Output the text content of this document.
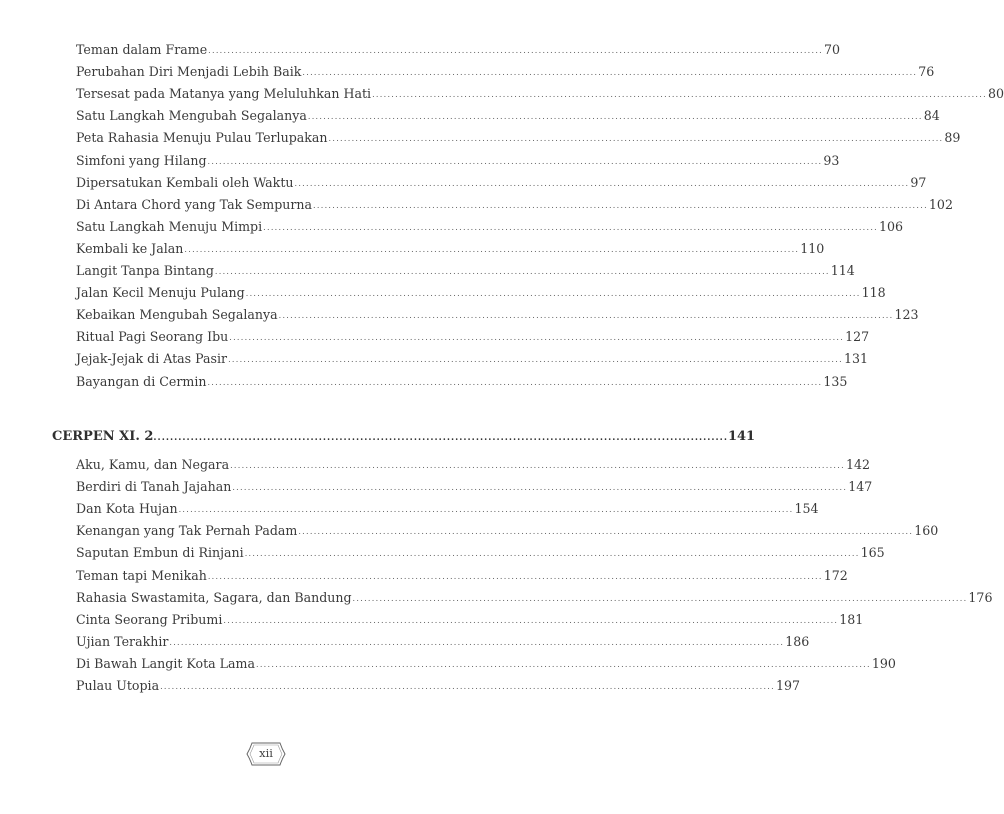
Teman dalam Frame ................................................................................................................................................................ 70
Perubahan Diri Menjadi Lebih Baik ................................................................................................................................................................ 76
Tersesat pada Matanya yang Meluluhkan Hati ................................................................................................................................................................ 80
Satu Langkah Mengubah Segalanya ................................................................................................................................................................ 84
Peta Rahasia Menuju Pulau Terlupakan ................................................................................................................................................................ 89
Simfoni yang Hilang ................................................................................................................................................................ 93
Dipersatukan Kembali oleh Waktu ................................................................................................................................................................ 97
Di Antara Chord yang Tak Sempurna ................................................................................................................................................................ 102
Satu Langkah Menuju Mimpi ................................................................................................................................................................ 106
Kembali ke Jalan ................................................................................................................................................................ 110
Langit Tanpa Bintang ................................................................................................................................................................ 114
Jalan Kecil Menuju Pulang ................................................................................................................................................................ 118
Kebaikan Mengubah Segalanya ................................................................................................................................................................ 123
Ritual Pagi Seorang Ibu ................................................................................................................................................................ 127
Jejak-Jejak di Atas Pasir ................................................................................................................................................................ 131
Bayangan di Cermin ................................................................................................................................................................ 135
CERPEN XI. 2 ........................................................................................................................................... 141
Aku, Kamu, dan Negara ................................................................................................................................................................ 142
Berdiri di Tanah Jajahan ................................................................................................................................................................ 147
Dan Kota Hujan ................................................................................................................................................................ 154
Kenangan yang Tak Pernah Padam ................................................................................................................................................................ 160
Saputan Embun di Rinjani ................................................................................................................................................................ 165
Teman tapi Menikah ................................................................................................................................................................ 172
Rahasia Swastamita, Sagara, dan Bandung ................................................................................................................................................................ 176
Cinta Seorang Pribumi ................................................................................................................................................................ 181
Ujian Terakhir ................................................................................................................................................................ 186
Di Bawah Langit Kota Lama ................................................................................................................................................................ 190
Pulau Utopia ................................................................................................................................................................ 197
xii
